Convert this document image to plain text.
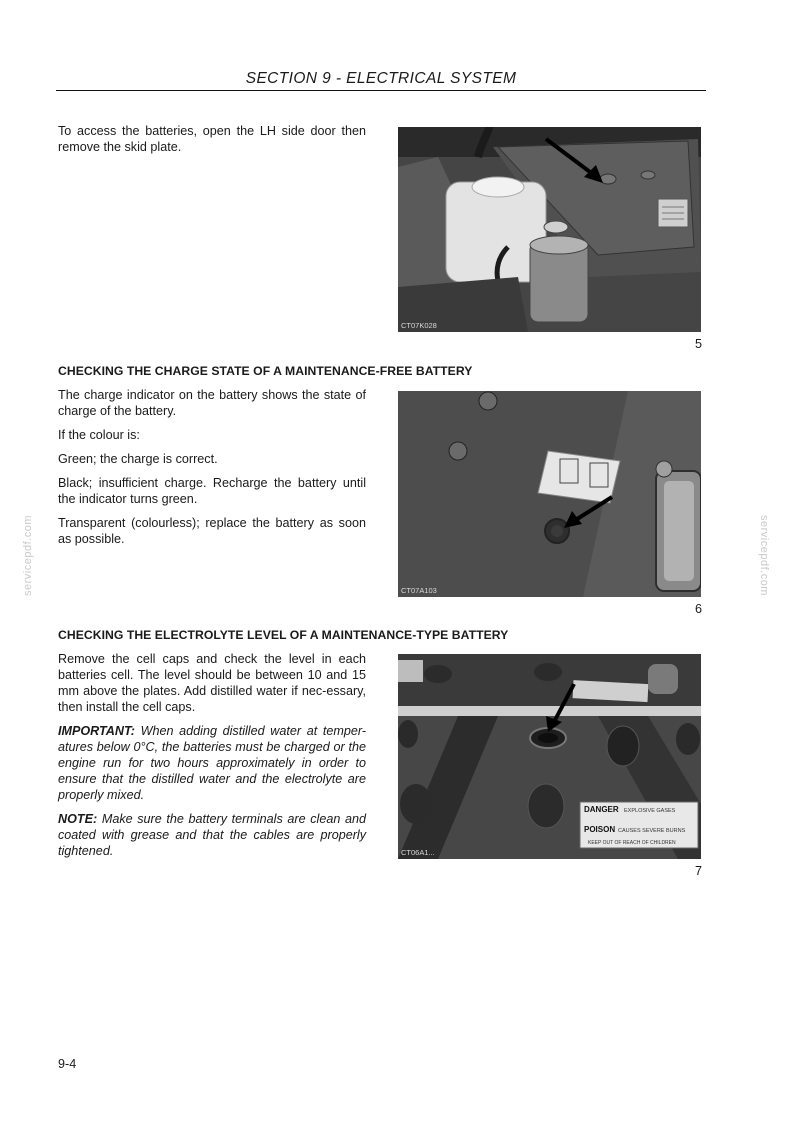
SECTION 9 - ELECTRICAL SYSTEM

To access the batteries, open the LH side door then remove the skid plate.

CT07K028
5

CHECKING THE CHARGE STATE OF A MAINTENANCE-FREE BATTERY

The charge indicator on the battery shows the state of charge of the battery.

If the colour is:

Green; the charge is correct.

Black; insufficient charge. Recharge the battery until the indicator turns green.

Transparent (colourless); replace the battery as soon as possible.

CT07A103
6

CHECKING THE ELECTROLYTE LEVEL OF A MAINTENANCE-TYPE BATTERY

Remove the cell caps and check the level in each batteries cell. The level should be between 10 and 15 mm above the plates. Add distilled water if nec-essary, then install the cell caps.

IMPORTANT: When adding distilled water at temper-atures below 0°C, the batteries must be charged or the engine run for two hours approximately in order to ensure that the distilled water and the electrolyte are properly mixed.

NOTE: Make sure the battery terminals are clean and coated with grease and that the cables are properly tightened.

DANGER EXPLOSIVE GASES
POISON CAUSES SEVERE BURNS
KEEP OUT OF REACH OF CHILDREN
CT06A1...
7
servicepdf.com	servicepdf.com
9-4
